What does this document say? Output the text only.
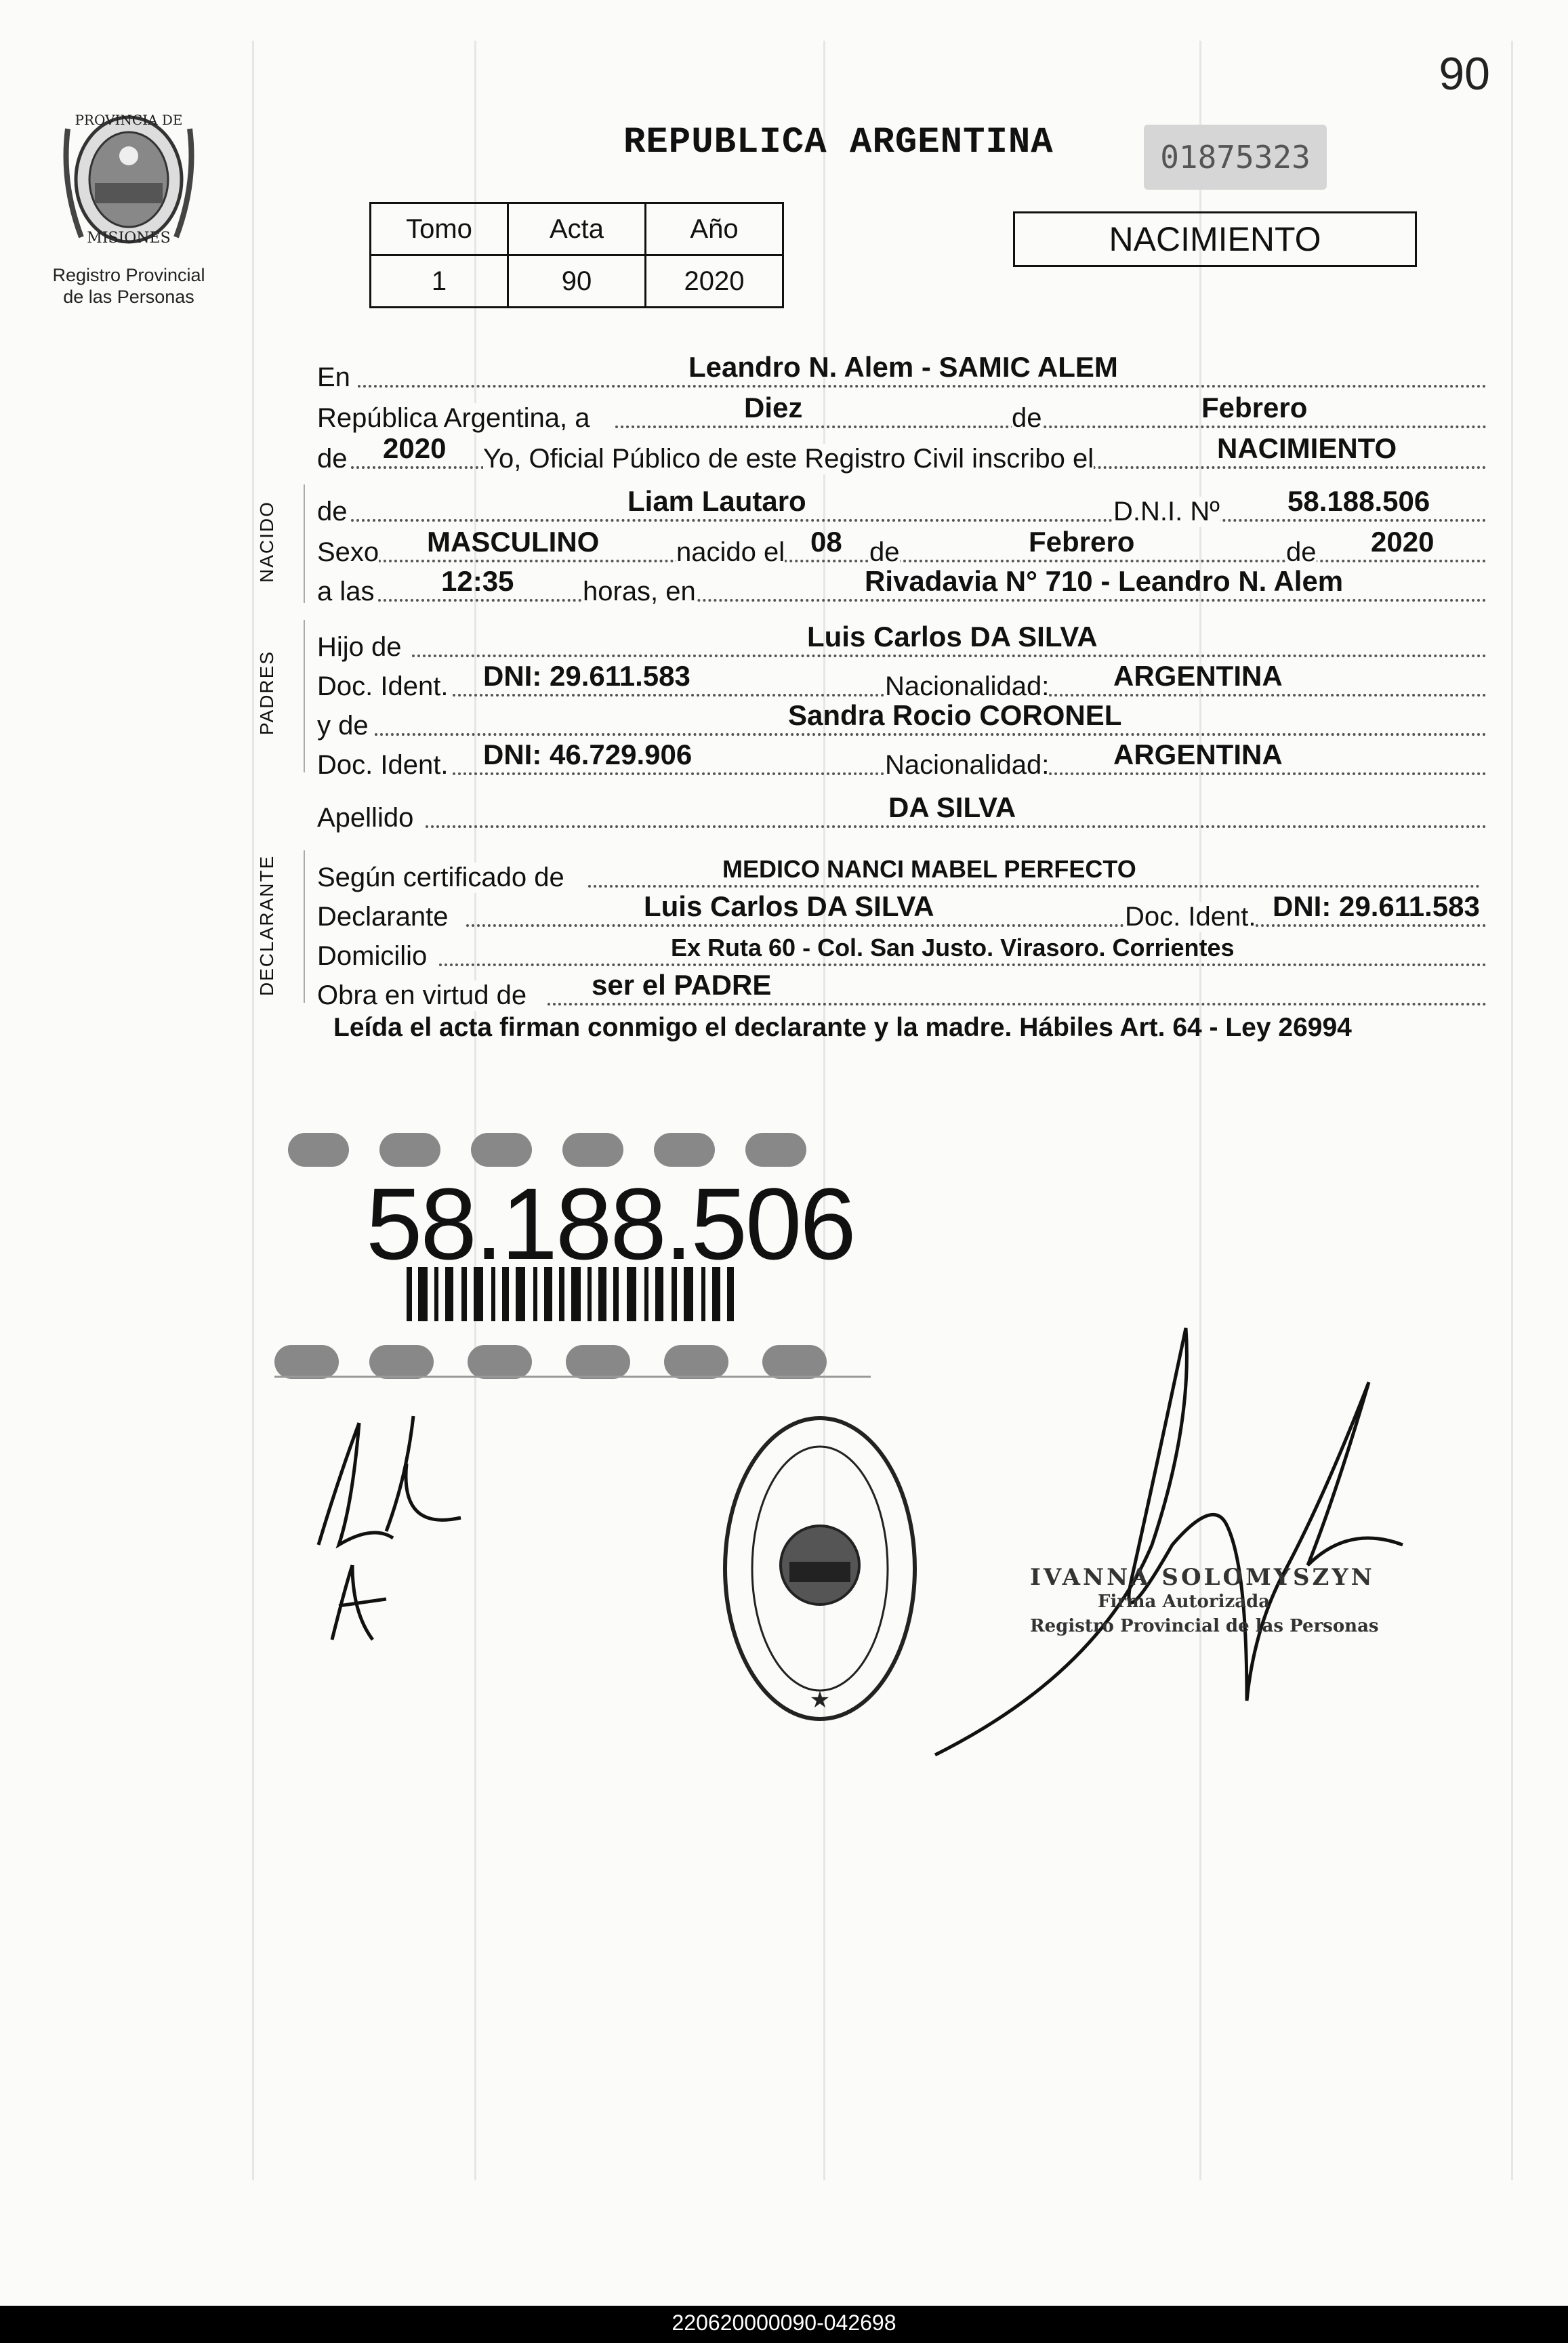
90
PROVINCIA DE
MISIONES
Registro Provincial
de las Personas
REPUBLICA ARGENTINA	01875323
Tomo	Acta	Año
1	90	2020
NACIMIENTO
En	Leandro N. Alem - SAMIC ALEM
República Argentina, a	Diez	de	Febrero
de 2020 Yo, Oficial Público de este Registro Civil inscribo el	NACIMIENTO
NACIDO de	Liam Lautaro	D.N.I. Nº 58.188.506
Sexo MASCULINO	nacido el 08 de	Febrero	de 2020
a las 12:35	horas, en	Rivadavia N° 710 - Leandro N. Alem
PADRES
Hijo de	Luis Carlos DA SILVA
Doc. Ident. DNI: 29.611.583	Nacionalidad: ARGENTINA
y de	Sandra Rocio CORONEL
Doc. Ident. DNI: 46.729.906	Nacionalidad: ARGENTINA
Apellido	DA SILVA
DECLARANTE Según certificado de	MEDICO NANCI MABEL PERFECTO
Declarante	Luis Carlos DA SILVA	Doc. Ident. DNI: 29.611.583
Domicilio	Ex Ruta 60 - Col. San Justo. Virasoro. Corrientes
Obra en virtud de ser el PADRE
Leída el acta firman conmigo el declarante y la madre. Hábiles Art. 64 - Ley 26994
58.188.506
★
IVANNA SOLOMYSZYN
Firma Autorizada
Registro Provincial de las Personas
220620000090-042698
